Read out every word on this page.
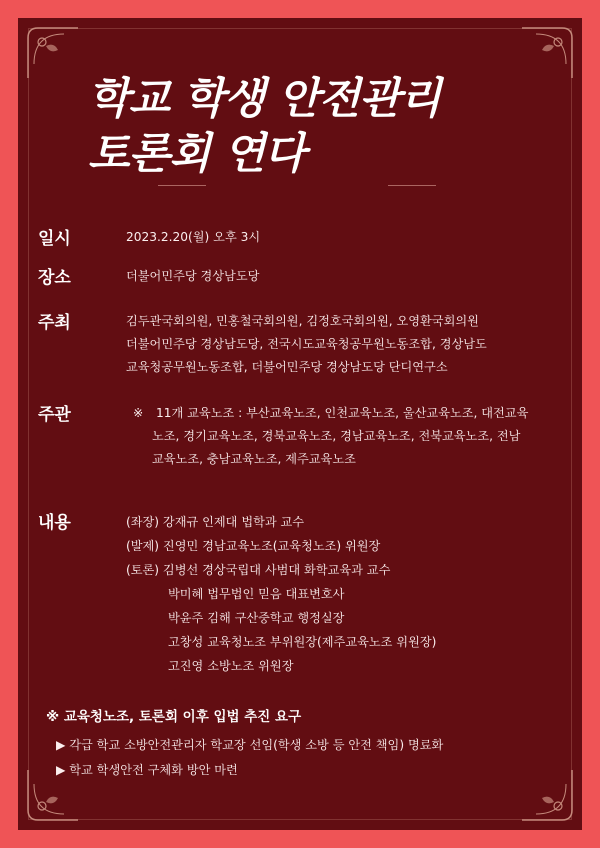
학교 학생 안전관리
토론회 연다
일시	2023.2.20(월) 오후 3시
장소	더불어민주당 경상남도당
주최	김두관국회의원, 민홍철국회의원, 김정호국회의원, 오영환국회의원
더불어민주당 경상남도당, 전국시도교육청공무원노동조합, 경상남도
교육청공무원노동조합, 더불어민주당 경상남도당 단디연구소
주관	※ 11개 교육노조 : 부산교육노조, 인천교육노조, 울산교육노조, 대전교육
노조, 경기교육노조, 경북교육노조, 경남교육노조, 전북교육노조, 전남
교육노조, 충남교육노조, 제주교육노조
내용	(좌장) 강재규 인제대 법학과 교수
(발제) 진영민 경남교육노조(교육청노조) 위원장
(토론) 김병선 경상국립대 사범대 화학교육과 교수
박미혜 법무법인 믿음 대표변호사
박윤주 김해 구산중학교 행정실장
고창성 교육청노조 부위원장(제주교육노조 위원장)
고진영 소방노조 위원장
※ 교육청노조, 토론회 이후 입법 추진 요구
▶ 각급 학교 소방안전관리자 학교장 선임(학생 소방 등 안전 책임) 명료화
▶ 학교 학생안전 구체화 방안 마련
